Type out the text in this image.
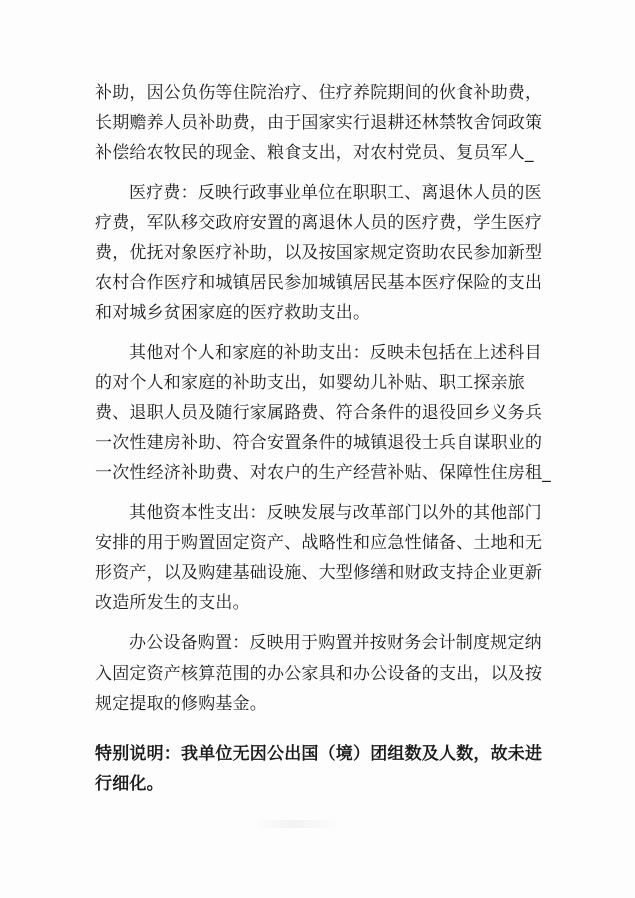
补助，因公负伤等住院治疗、住疗养院期间的伙食补助费，长期赡养人员补助费，由于国家实行退耕还林禁牧舍饲政策补偿给农牧民的现金、粮食支出，对农村党员、复员军人_

医疗费：反映行政事业单位在职职工、离退休人员的医疗费，军队移交政府安置的离退休人员的医疗费，学生医疗费，优抚对象医疗补助，以及按国家规定资助农民参加新型农村合作医疗和城镇居民参加城镇居民基本医疗保险的支出和对城乡贫困家庭的医疗救助支出。

其他对个人和家庭的补助支出：反映未包括在上述科目的对个人和家庭的补助支出，如婴幼儿补贴、职工探亲旅费、退职人员及随行家属路费、符合条件的退役回乡义务兵一次性建房补助、符合安置条件的城镇退役士兵自谋职业的一次性经济补助费、对农户的生产经营补贴、保障性住房租_

其他资本性支出：反映发展与改革部门以外的其他部门安排的用于购置固定资产、战略性和应急性储备、土地和无形资产，以及购建基础设施、大型修缮和财政支持企业更新改造所发生的支出。

办公设备购置：反映用于购置并按财务会计制度规定纳入固定资产核算范围的办公家具和办公设备的支出，以及按规定提取的修购基金。

特别说明：我单位无因公出国（境）团组数及人数，故未进行细化。
